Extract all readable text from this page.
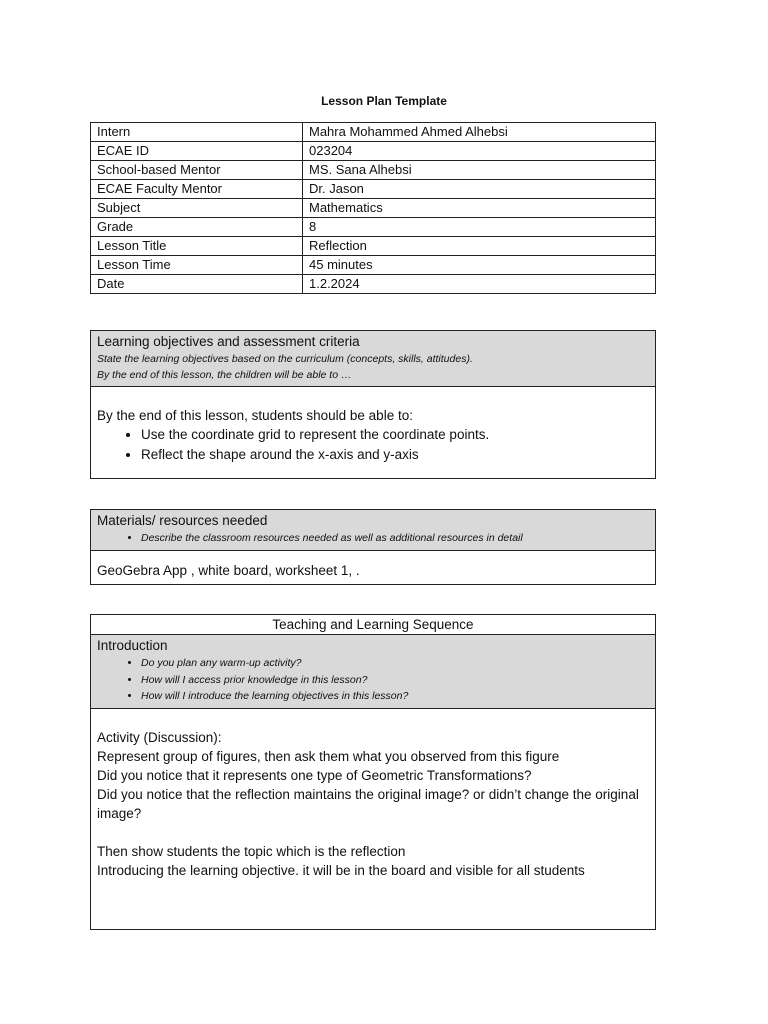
Lesson Plan Template
Intern	Mahra Mohammed Ahmed Alhebsi
ECAE ID	023204
School-based Mentor	MS. Sana Alhebsi
ECAE Faculty Mentor	Dr. Jason
Subject	Mathematics
Grade	8
Lesson Title	Reflection
Lesson Time	45 minutes
Date	1.2.2024
Learning objectives and assessment criteria
State the learning objectives based on the curriculum (concepts, skills, attitudes).
By the end of this lesson, the children will be able to …

By the end of this lesson, students should be able to:

• Use the coordinate grid to represent the coordinate points.
• Reflect the shape around the x-axis and y-axis
Materials/ resources needed
• Describe the classroom resources needed as well as additional resources in detail

GeoGebra App , white board, worksheet 1, .

Teaching and Learning Sequence
Introduction
• Do you plan any warm-up activity?
• How will I access prior knowledge in this lesson?
• How will I introduce the learning objectives in this lesson?

Activity (Discussion):

Represent group of figures, then ask them what you observed from this figure

Did you notice that it represents one type of Geometric Transformations?

Did you notice that the reflection maintains the original image? or didn’t change the original image?

Then show students the topic which is the reflection

Introducing the learning objective. it will be in the board and visible for all students
